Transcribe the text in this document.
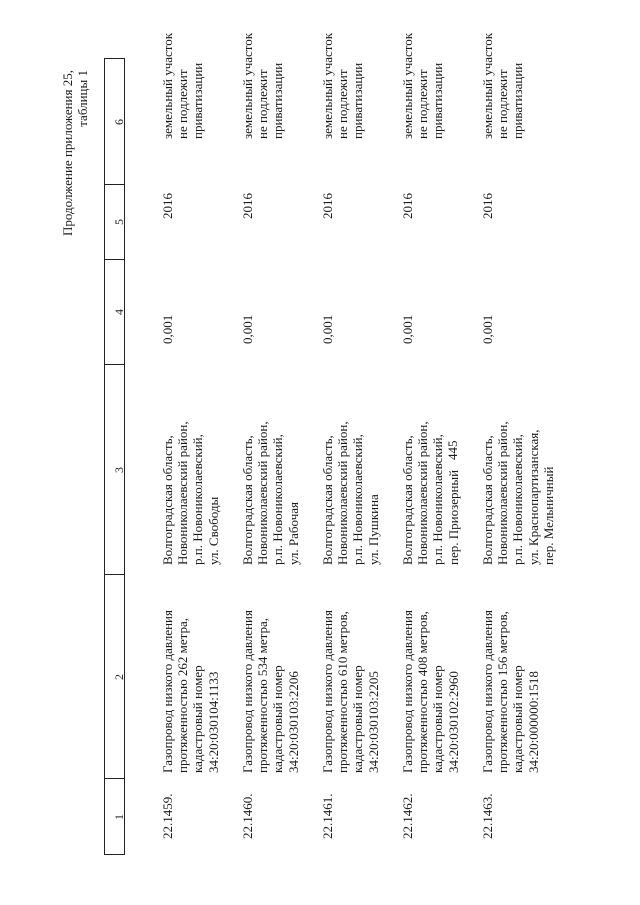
445
Продолжение приложения 25, таблицы 1
1
2
3
4
5
6
22.1459.
Газопровод низкого давления
протяженностью 262 метра,
кадастровый номер
34:20:030104:1133
Волгоградская область,
Новониколаевский район,
р.п. Новониколаевский,
ул. Свободы
0,001
2016
земельный участок
не подлежит
приватизации
22.1460.
Газопровод низкого давления
протяженностью 534 метра,
кадастровый номер
34:20:030103:2206
Волгоградская область,
Новониколаевский район,
р.п. Новониколаевский,
ул. Рабочая
0,001
2016
земельный участок
не подлежит
приватизации
22.1461.
Газопровод низкого давления
протяженностью 610 метров,
кадастровый номер
34:20:030103:2205
Волгоградская область,
Новониколаевский район,
р.п. Новониколаевский,
ул. Пушкина
0,001
2016
земельный участок
не подлежит
приватизации
22.1462.
Газопровод низкого давления
протяженностью 408 метров,
кадастровый номер
34:20:030102:2960
Волгоградская область,
Новониколаевский район,
р.п. Новониколаевский,
пер. Приозерный
0,001
2016
земельный участок
не подлежит
приватизации
22.1463.
Газопровод низкого давления
протяженностью 156 метров,
кадастровый номер
34:20:000000:1518
Волгоградская область,
Новониколаевский район,
р.п. Новониколаевский,
ул. Краснопартизанская,
пер. Мельничный
0,001
2016
земельный участок
не подлежит
приватизации
